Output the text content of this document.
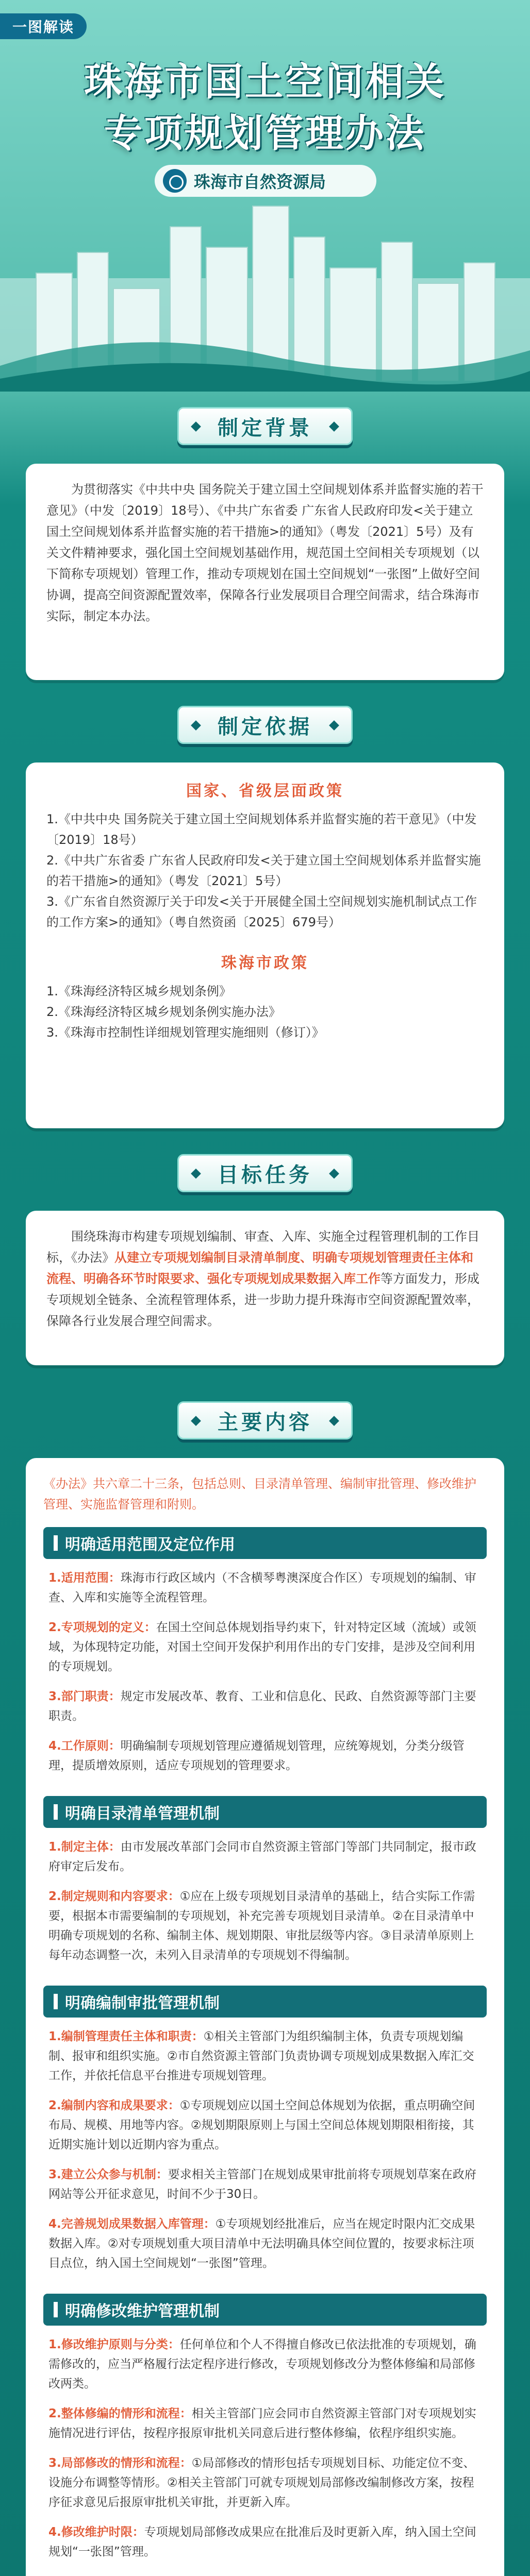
一图解读
珠海市国土空间相关
专项规划管理办法
珠海市自然资源局
制定背景

为贯彻落实《中共中央 国务院关于建立国土空间规划体系并监督实施的若干意见》（中发〔2019〕18号）、《中共广东省委 广东省人民政府印发<关于建立国土空间规划体系并监督实施的若干措施>的通知》（粤发〔2021〕5号）及有关文件精神要求，强化国土空间规划基础作用，规范国土空间相关专项规划（以下简称专项规划）管理工作，推动专项规划在国土空间规划“一张图”上做好空间协调，提高空间资源配置效率，保障各行业发展项目合理空间需求，结合珠海市实际，制定本办法。

制定依据
国家、省级层面政策
1.《中共中央 国务院关于建立国土空间规划体系并监督实施的若干意见》（中发〔2019〕18号）
2.《中共广东省委 广东省人民政府印发<关于建立国土空间规划体系并监督实施的若干措施>的通知》（粤发〔2021〕5号）
3.《广东省自然资源厅关于印发<关于开展健全国土空间规划实施机制试点工作的工作方案>的通知》（粤自然资函〔2025〕679号）
珠海市政策
1.《珠海经济特区城乡规划条例》
2.《珠海经济特区城乡规划条例实施办法》
3.《珠海市控制性详细规划管理实施细则（修订）》
目标任务

围绕珠海市构建专项规划编制、审查、入库、实施全过程管理机制的工作目标，《办法》从建立专项规划编制目录清单制度、明确专项规划管理责任主体和流程、明确各环节时限要求、强化专项规划成果数据入库工作等方面发力，形成专项规划全链条、全流程管理体系，进一步助力提升珠海市空间资源配置效率，保障各行业发展合理空间需求。

主要内容
《办法》共六章二十三条，包括总则、目录清单管理、编制审批管理、修改维护管理、实施监督管理和附则。
明确适用范围及定位作用
1.适用范围：珠海市行政区域内（不含横琴粤澳深度合作区）专项规划的编制、审查、入库和实施等全流程管理。
2.专项规划的定义：在国土空间总体规划指导约束下，针对特定区域（流域）或领域，为体现特定功能，对国土空间开发保护利用作出的专门安排，是涉及空间利用的专项规划。
3.部门职责：规定市发展改革、教育、工业和信息化、民政、自然资源等部门主要职责。
4.工作原则：明确编制专项规划管理应遵循规划管理，应统筹规划，分类分级管理，提质增效原则，适应专项规划的管理要求。
明确目录清单管理机制
1.制定主体：由市发展改革部门会同市自然资源主管部门等部门共同制定，报市政府审定后发布。
2.制定规则和内容要求：①应在上级专项规划目录清单的基础上，结合实际工作需要，根据本市需要编制的专项规划，补充完善专项规划目录清单。②在目录清单中明确专项规划的名称、编制主体、规划期限、审批层级等内容。③目录清单原则上每年动态调整一次，未列入目录清单的专项规划不得编制。
明确编制审批管理机制
1.编制管理责任主体和职责：①相关主管部门为组织编制主体，负责专项规划编制、报审和组织实施。②市自然资源主管部门负责协调专项规划成果数据入库汇交工作，并依托信息平台推进专项规划管理。
2.编制内容和成果要求：①专项规划应以国土空间总体规划为依据，重点明确空间布局、规模、用地等内容。②规划期限原则上与国土空间总体规划期限相衔接，其近期实施计划以近期内容为重点。
3.建立公众参与机制：要求相关主管部门在规划成果审批前将专项规划草案在政府网站等公开征求意见，时间不少于30日。
4.完善规划成果数据入库管理：①专项规划经批准后，应当在规定时限内汇交成果数据入库。②对专项规划重大项目清单中无法明确具体空间位置的，按要求标注项目点位，纳入国土空间规划“一张图”管理。
明确修改维护管理机制
1.修改维护原则与分类：任何单位和个人不得擅自修改已依法批准的专项规划，确需修改的，应当严格履行法定程序进行修改，专项规划修改分为整体修编和局部修改两类。
2.整体修编的情形和流程：相关主管部门应会同市自然资源主管部门对专项规划实施情况进行评估，按程序报原审批机关同意后进行整体修编，依程序组织实施。
3.局部修改的情形和流程：①局部修改的情形包括专项规划目标、功能定位不变、设施分布调整等情形。②相关主管部门可就专项规划局部修改编制修改方案，按程序征求意见后报原审批机关审批，并更新入库。
4.修改维护时限：专项规划局部修改成果应在批准后及时更新入库，纳入国土空间规划“一张图”管理。
